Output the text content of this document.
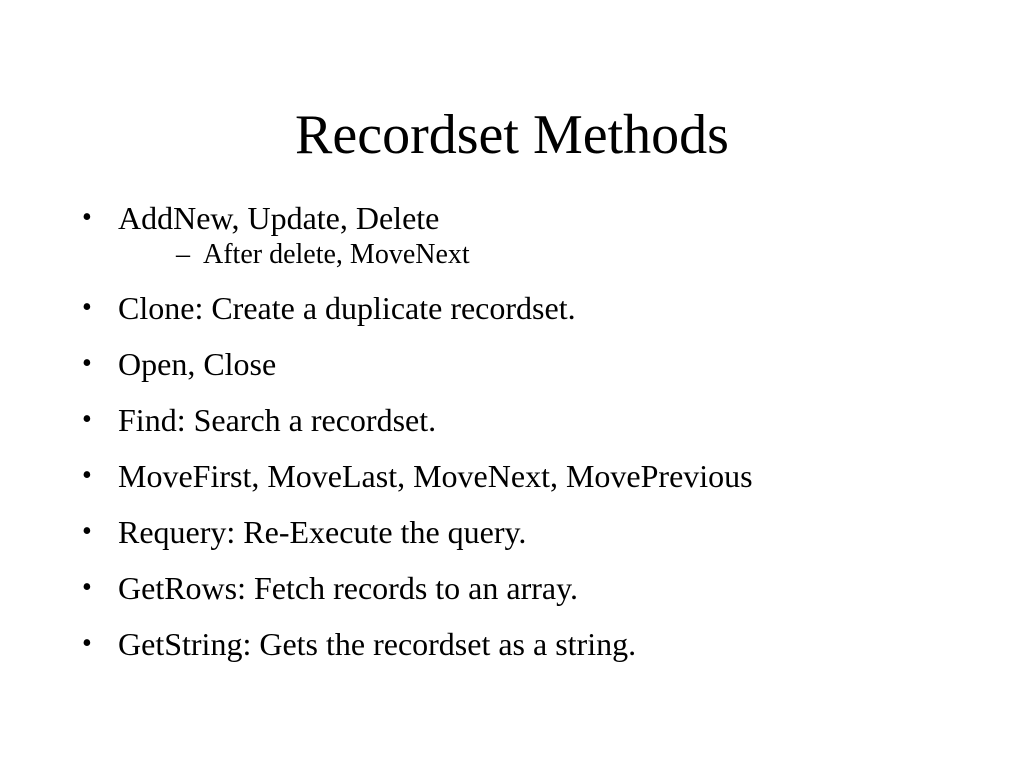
Recordset Methods
• AddNew, Update, Delete
– After delete, MoveNext
• Clone: Create a duplicate recordset.
• Open, Close
• Find: Search a recordset.
• MoveFirst, MoveLast, MoveNext, MovePrevious
• Requery: Re-Execute the query.
• GetRows: Fetch records to an array.
• GetString: Gets the recordset as a string.
